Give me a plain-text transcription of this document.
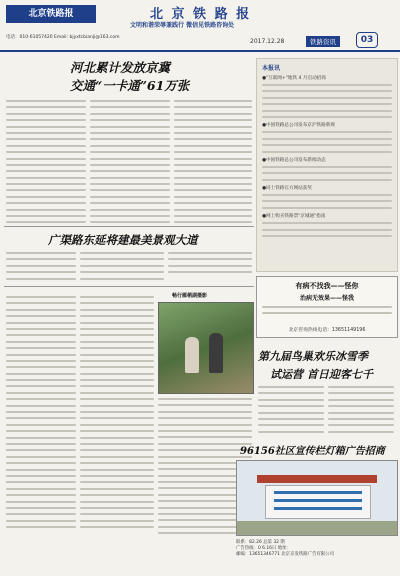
北京铁路报	北 京 铁 路 报
文明和谐荣辱兼践行 微信见铁路咨询处
电话：010-61057420 Email: bjyxtcbianji@163.com
2017.12.28	铁路资讯	03
河北累计发放京冀
交通“一卡通”61万张
广渠路东延将建最美景观大道
畅行雁栖湖摄影
本报讯
●"互联网+"地铁 4 月启动招商
●中国铁路总公司发布京沪铁路新规
●中国铁路总公司发布新闻动态
●同上铁路官方网站获奖
●网上购买铁路票"京城通"指南
有病不找我——怪你
治病无效果——怪我
北京咨询热线电话：13651149196
第九届鸟巢欢乐冰雪季
试运营 首日迎客七千
96156社区宣传栏灯箱广告招商
联系：82.26 总第 32 期
广告热线：0 6.16日 地址：
邮编：13651346771 北京京发铁路广告有限公司
